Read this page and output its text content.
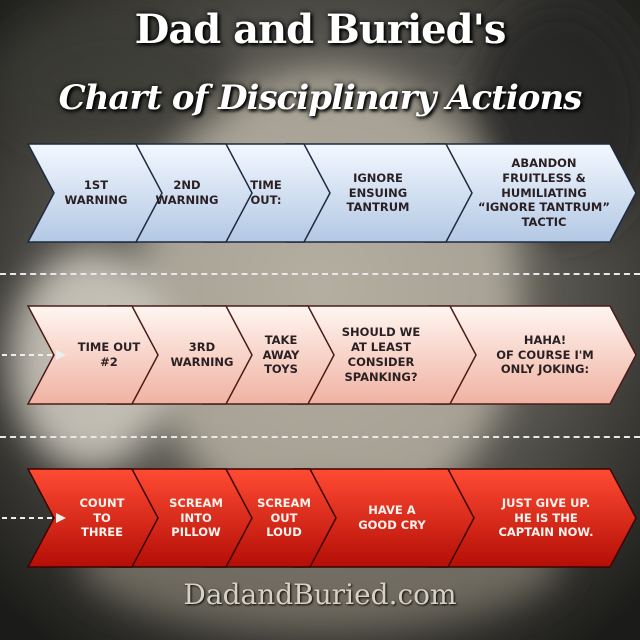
Dad and Buried's
Chart of Disciplinary Actions
1ST
WARNING
2ND
WARNING
TIME
OUT:
IGNORE
ENSUING
TANTRUM
ABANDON
FRUITLESS &
HUMILIATING
“IGNORE TANTRUM”
TACTIC
TIME OUT
#2
3RD
WARNING
TAKE
AWAY
TOYS
SHOULD WE
AT LEAST
CONSIDER
SPANKING?
HAHA!
OF COURSE I'M
ONLY JOKING:
COUNT
TO
THREE
SCREAM
INTO
PILLOW
SCREAM
OUT
LOUD
HAVE A
GOOD CRY
JUST GIVE UP.
HE IS THE
CAPTAIN NOW.
DadandBuried.com
